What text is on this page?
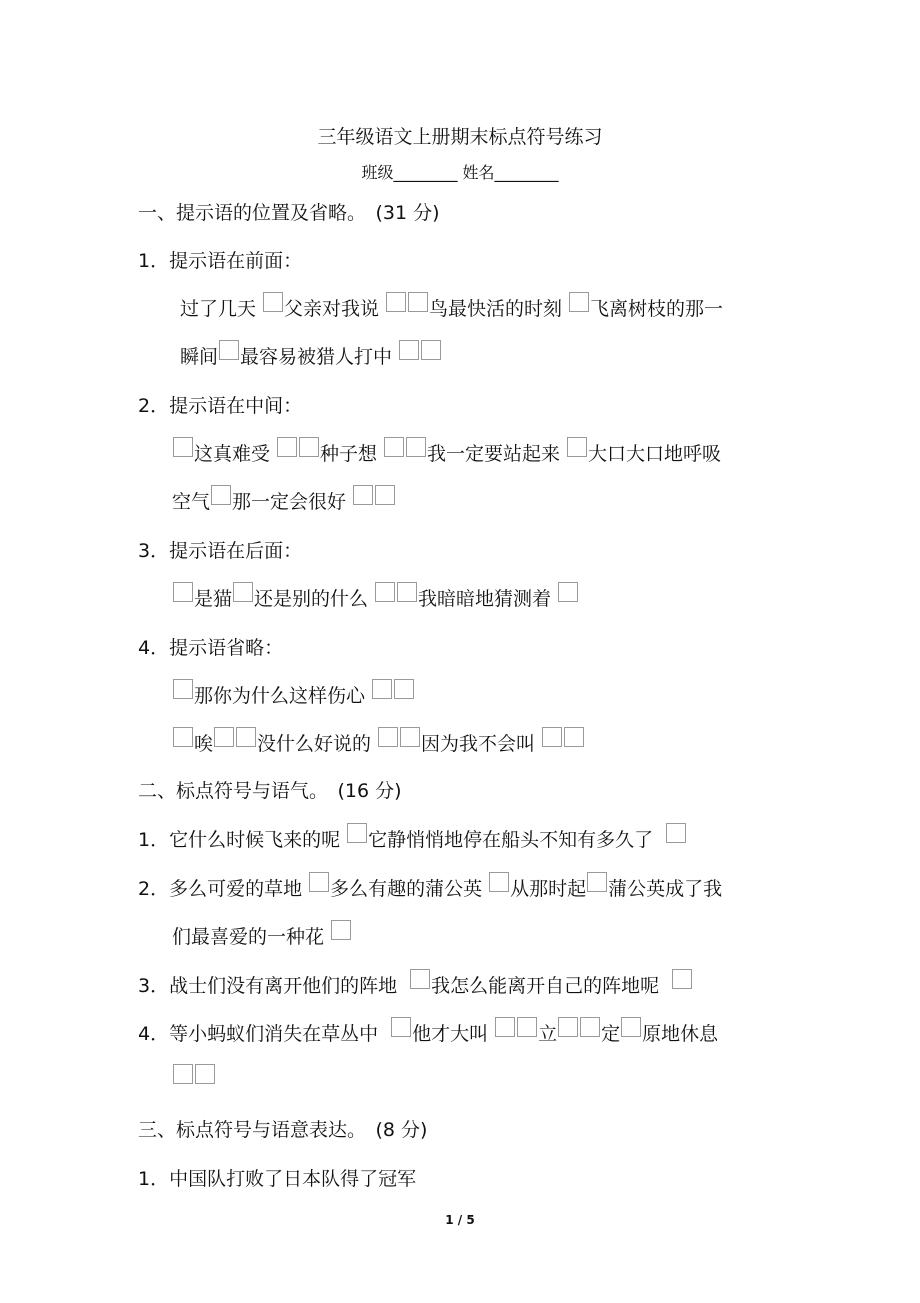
三年级语文上册期末标点符号练习
班级________ 姓名________
一、提示语的位置及省略。　(31 分)
1．提示语在前面：
过了几天 父亲对我说	鸟最快活的时刻 飞离树枝的那一
瞬间 最容易被猎人打中
2．提示语在中间：
这真难受	种子想	我一定要站起来 大口大口地呼吸
空气 那一定会很好
3．提示语在后面：
是猫 还是别的什么	我暗暗地猜测着
4．提示语省略：
那你为什么这样伤心
唉 没什么好说的	因为我不会叫
二、标点符号与语气。　(16 分)
1．它什么时候飞来的呢 它静悄悄地停在船头不知有多久了
2．多么可爱的草地 多么有趣的蒲公英 从那时起 蒲公英成了我
们最喜爱的一种花
3．战士们没有离开他们的阵地 我怎么能离开自己的阵地呢
4．等小蚂蚁们消失在草丛中 他才大叫	立 定 原地休息
三、标点符号与语意表达。　(8 分)
1．中国队打败了日本队得了冠军
1 / 5
